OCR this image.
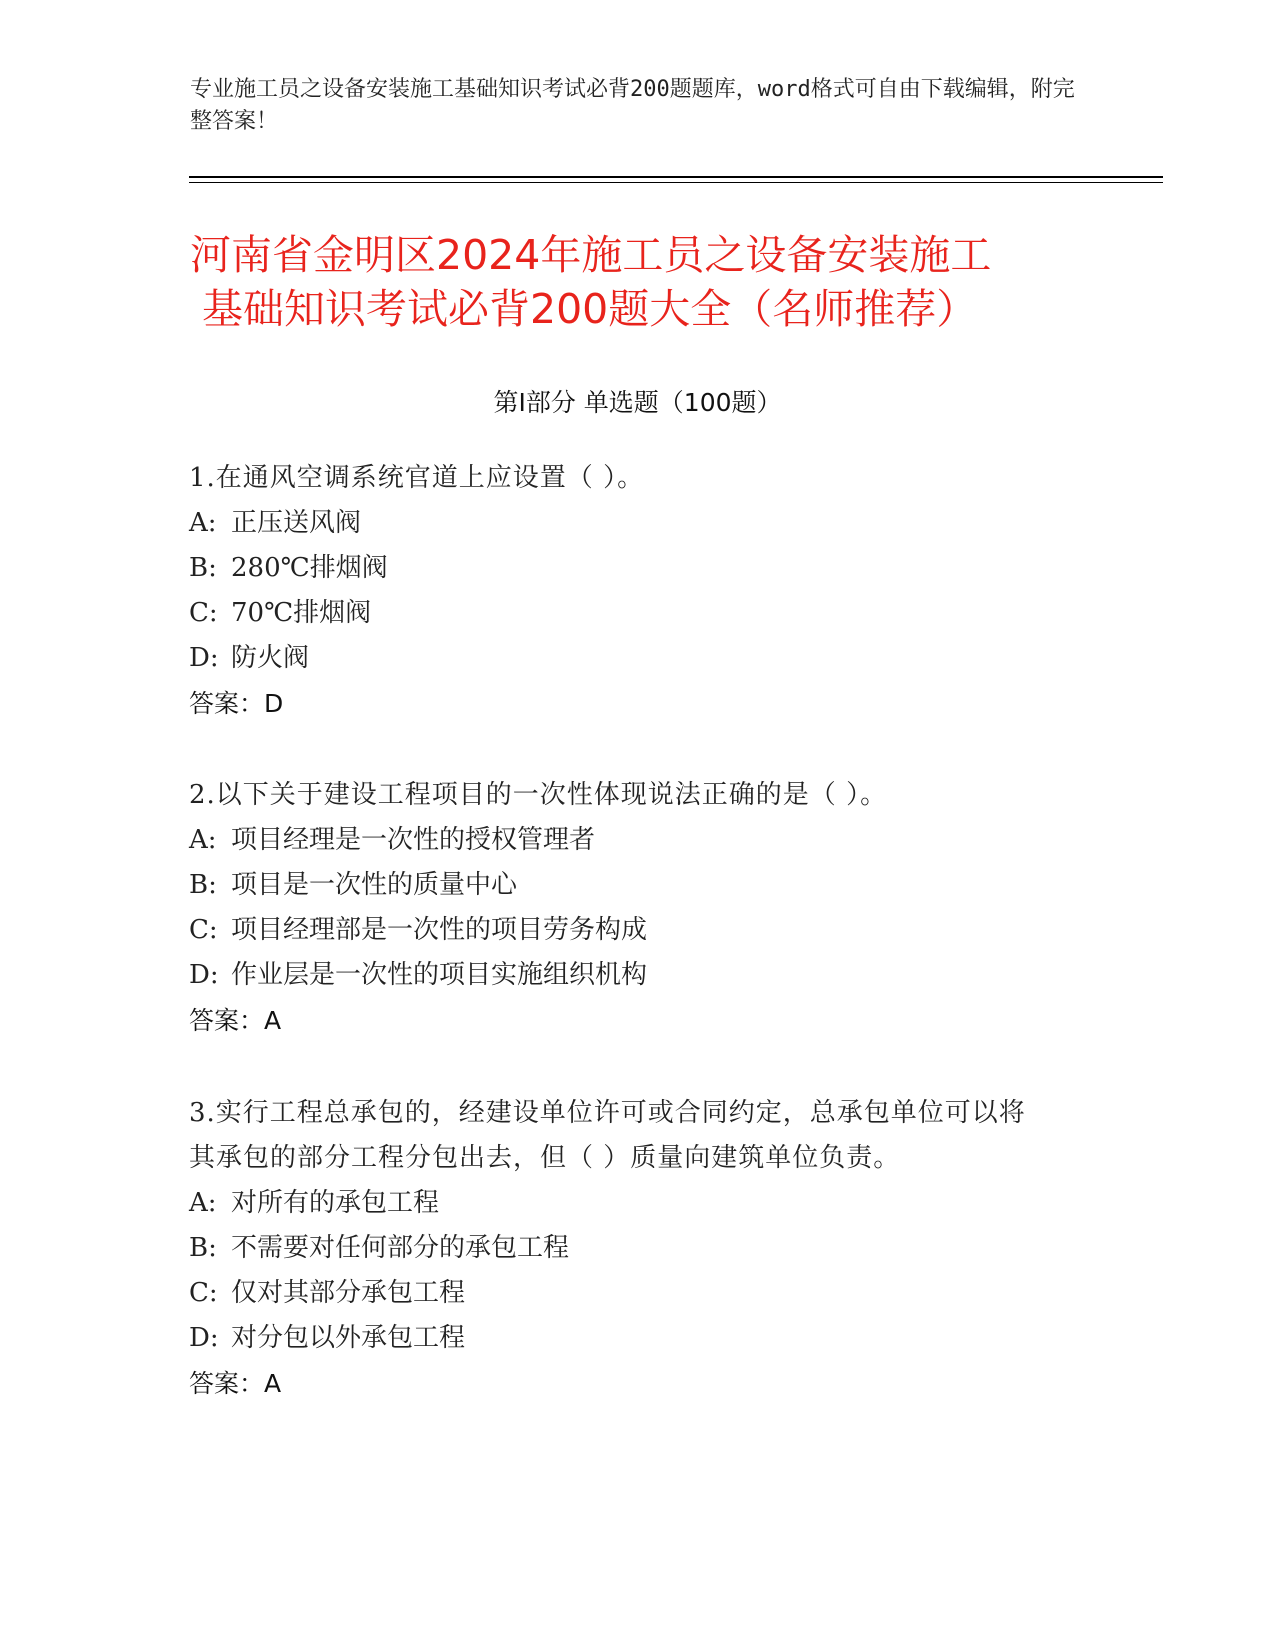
专业施工员之设备安装施工基础知识考试必背200题题库，word格式可自由下载编辑，附完整答案！
河南省金明区2024年施工员之设备安装施工
基础知识考试必背200题大全（名师推荐）
第Ⅰ部分 单选题（100题）
1.在通风空调系统官道上应设置（ ）。
A: 正压送风阀
B: 280℃排烟阀
C: 70℃排烟阀
D: 防火阀
答案：D
2.以下关于建设工程项目的一次性体现说法正确的是（ ）。
A: 项目经理是一次性的授权管理者
B: 项目是一次性的质量中心
C: 项目经理部是一次性的项目劳务构成
D: 作业层是一次性的项目实施组织机构
答案：A
3.实行工程总承包的，经建设单位许可或合同约定，总承包单位可以将其承包的部分工程分包出去，但（ ）质量向建筑单位负责。
A: 对所有的承包工程
B: 不需要对任何部分的承包工程
C: 仅对其部分承包工程
D: 对分包以外承包工程
答案：A
